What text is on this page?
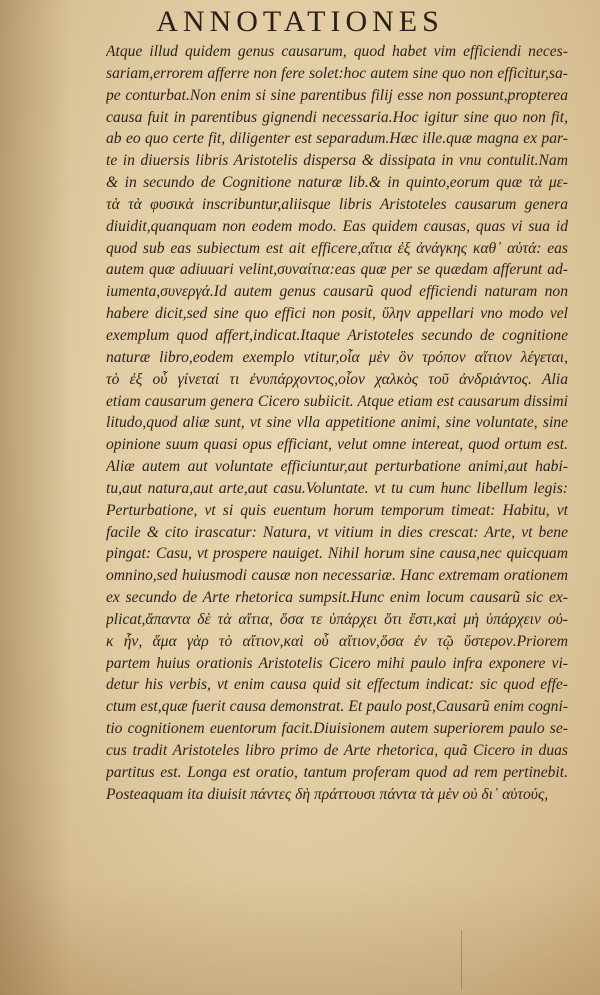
ANNOTATIONES
Atque illud quidem genus causarum, quod habet vim efficiendi neces-
sariam,errorem afferre non fere solet:hoc autem sine quo non efficitur,sa-
pe conturbat.Non enim si sine parentibus filij esse non possunt,propterea
causa fuit in parentibus gignendi necessaria.Hoc igitur sine quo non fit,
ab eo quo certe fit, diligenter est separadum.Hæc ille.quæ magna ex par-
te in diuersis libris Aristotelis dispersa & dissipata in vnu contulit.Nam
& in secundo de Cognitione naturæ lib.& in quinto,eorum quæ τὰ με-
τὰ τὰ φυσικὰ inscribuntur,aliisque libris Aristoteles causarum genera
diuidit,quanquam non eodem modo. Eas quidem causas, quas vi sua id
quod sub eas subiectum est ait efficere,αἴτια ἐξ ἀνάγκης καθ᾽ αὑτά: eas
autem quæ adiuuari velint,συναίτια:eas quæ per se quædam afferunt ad-
iumenta,συνεργά.Id autem genus causarũ quod efficiendi naturam non
habere dicit,sed sine quo effici non posit, ὕλην appellari vno modo vel
exemplum quod affert,indicat.Itaque Aristoteles secundo de cognitione
naturæ libro,eodem exemplo vtitur,οἷα μὲν ὃν τρόπον αἴτιον λέγεται,
τὸ ἐξ οὗ γίνεταί τι ἐνυπάρχοντος,οἷον χαλκὸς τοῦ ἀνδριάντος. Alia
etiam causarum genera Cicero subiicit. Atque etiam est causarum dissimi
litudo,quod aliæ sunt, vt sine vlla appetitione animi, sine voluntate, sine
opinione suum quasi opus efficiant, velut omne intereat, quod ortum est.
Aliæ autem aut voluntate efficiuntur,aut perturbatione animi,aut habi-
tu,aut natura,aut arte,aut casu.Voluntate. vt tu cum hunc libellum legis:
Perturbatione, vt si quis euentum horum temporum timeat: Habitu, vt
facile & cito irascatur: Natura, vt vitium in dies crescat: Arte, vt bene
pingat: Casu, vt prospere nauiget. Nihil horum sine causa,nec quicquam
omnino,sed huiusmodi causæ non necessariæ. Hanc extremam orationem
ex secundo de Arte rhetorica sumpsit.Hunc enim locum causarũ sic ex-
plicat,ἅπαντα δὲ τὰ αἴτια, ὅσα τε ὑπάρχει ὅτι ἔστι,καὶ μὴ ὑπάρχειν οὐ-
κ ἦν, ἅμα γὰρ τὸ αἴτιον,καὶ οὗ αἴτιον,ὅσα ἐν τῷ ὕστερον.Priorem
partem huius orationis Aristotelis Cicero mihi paulo infra exponere vi-
detur his verbis, vt enim causa quid sit effectum indicat: sic quod effe-
ctum est,quæ fuerit causa demonstrat. Et paulo post,Causarũ enim cogni-
tio cognitionem euentorum facit.Diuisionem autem superiorem paulo se-
cus tradit Aristoteles libro primo de Arte rhetorica, quã Cicero in duas
partitus est. Longa est oratio, tantum proferam quod ad rem pertinebit.
Posteaquam ita diuisit πάντες δὴ πράττουσι πάντα τὰ μὲν οὐ δι᾽ αὑτούς,
